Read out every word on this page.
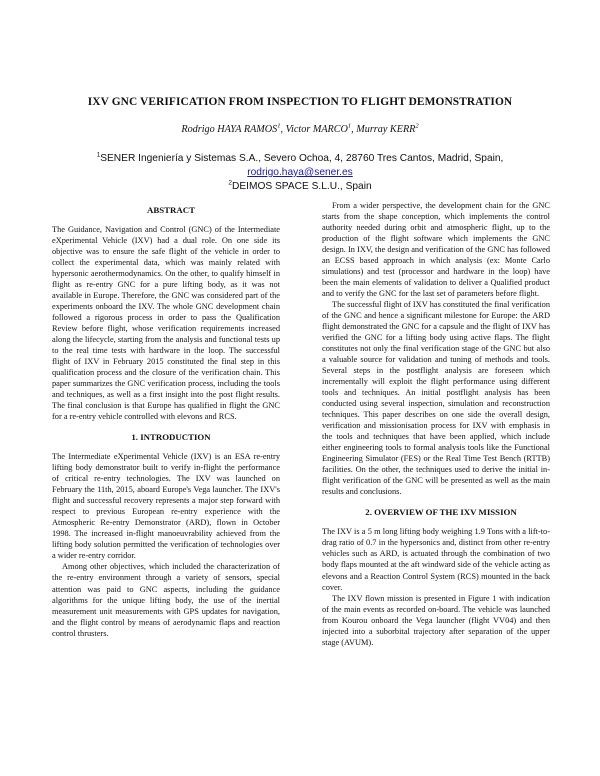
IXV GNC VERIFICATION FROM INSPECTION TO FLIGHT DEMONSTRATION
Rodrigo HAYA RAMOS$^1$, Victor MARCO$^1$, Murray KERR$^2$
$^1$SENER Ingeniería y Sistemas S.A., Severo Ochoa, 4, 28760 Tres Cantos, Madrid, Spain,
rodrigo.haya@sener.es
$^2$DEIMOS SPACE S.L.U., Spain

ABSTRACT

The Guidance, Navigation and Control (GNC) of the Intermediate eXperimental Vehicle (IXV) had a dual role. On one side its objective was to ensure the safe flight of the vehicle in order to collect the experimental data, which was mainly related with hypersonic aerothermodynamics. On the other, to qualify himself in flight as re-entry GNC for a pure lifting body, as it was not available in Europe. Therefore, the GNC was considered part of the experiments onboard the IXV. The whole GNC development chain followed a rigorous process in order to pass the Qualification Review before flight, whose verification requirements increased along the lifecycle, starting from the analysis and functional tests up to the real time tests with hardware in the loop. The successful flight of IXV in February 2015 constituted the final step in this qualification process and the closure of the verification chain. This paper summarizes the GNC verification process, including the tools and techniques, as well as a first insight into the post flight results. The final conclusion is that Europe has qualified in flight the GNC for a re-entry vehicle controlled with elevons and RCS.

1. INTRODUCTION

The Intermediate eXperimental Vehicle (IXV) is an ESA re-entry lifting body demonstrator built to verify in-flight the performance of critical re-entry technologies. The IXV was launched on February the 11th, 2015, aboard Europe's Vega launcher. The IXV's flight and successful recovery represents a major step forward with respect to previous European re-entry experience with the Atmospheric Re-entry Demonstrator (ARD), flown in October 1998. The increased in-flight manoeuvrability achieved from the lifting body solution permitted the verification of technologies over a wider re-entry corridor.

Among other objectives, which included the characterization of the re-entry environment through a variety of sensors, special attention was paid to GNC aspects, including the guidance algorithms for the unique lifting body, the use of the inertial measurement unit measurements with GPS updates for navigation, and the flight control by means of aerodynamic flaps and reaction control thrusters.

From a wider perspective, the development chain for the GNC starts from the shape conception, which implements the control authority needed during orbit and atmospheric flight, up to the production of the flight software which implements the GNC design. In IXV, the design and verification of the GNC has followed an ECSS based approach in which analysis (ex: Monte Carlo simulations) and test (processor and hardware in the loop) have been the main elements of validation to deliver a Qualified product and to verify the GNC for the last set of parameters before flight.

The successful flight of IXV has constituted the final verification of the GNC and hence a significant milestone for Europe: the ARD flight demonstrated the GNC for a capsule and the flight of IXV has verified the GNC for a lifting body using active flaps. The flight constitutes not only the final verification stage of the GNC but also a valuable source for validation and tuning of methods and tools. Several steps in the postflight analysis are foreseen which incrementally will exploit the flight performance using different tools and techniques. An initial postflight analysis has been conducted using several inspection, simulation and reconstruction techniques. This paper describes on one side the overall design, verification and missionisation process for IXV with emphasis in the tools and techniques that have been applied, which include either engineering tools to formal analysis tools like the Functional Engineering Simulator (FES) or the Real Time Test Bench (RTTB) facilities. On the other, the techniques used to derive the initial in-flight verification of the GNC will be presented as well as the main results and conclusions.

2. OVERVIEW OF THE IXV MISSION

The IXV is a 5 m long lifting body weighing 1.9 Tons with a lift-to-drag ratio of 0.7 in the hypersonics and, distinct from other re-entry vehicles such as ARD, is actuated through the combination of two body flaps mounted at the aft windward side of the vehicle acting as elevons and a Reaction Control System (RCS) mounted in the back cover.

The IXV flown mission is presented in Figure 1 with indication of the main events as recorded on-board. The vehicle was launched from Kourou onboard the Vega launcher (flight VV04) and then injected into a suborbital trajectory after separation of the upper stage (AVUM).
